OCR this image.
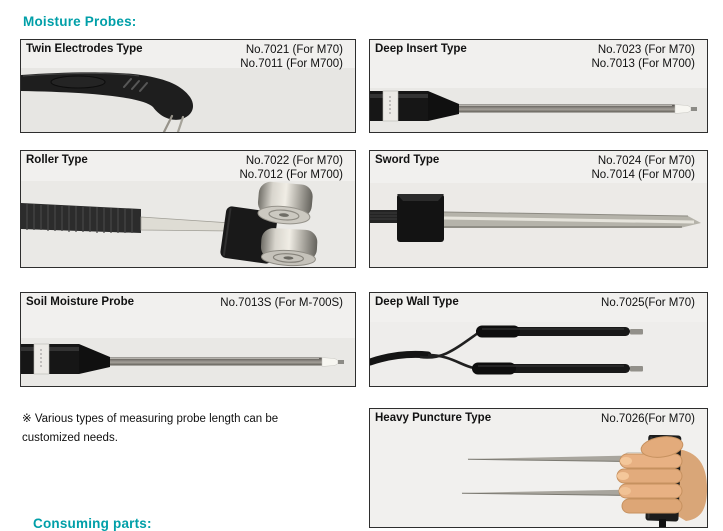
Moisture Probes:
Twin Electrodes Type	No.7021 (For M70)
No.7011 (For M700)
Deep Insert Type	No.7023 (For M70)
No.7013 (For M700)
Roller Type	No.7022 (For M70)
No.7012 (For M700)
Sword Type	No.7024 (For M70)
No.7014 (For M700)
Soil Moisture Probe	No.7013S (For M-700S)	Deep Wall Type	No.7025(For M70)
Heavy Puncture Type	No.7026(For M70)
※ Various types of measuring probe length can be
customized needs.
Consuming parts:
